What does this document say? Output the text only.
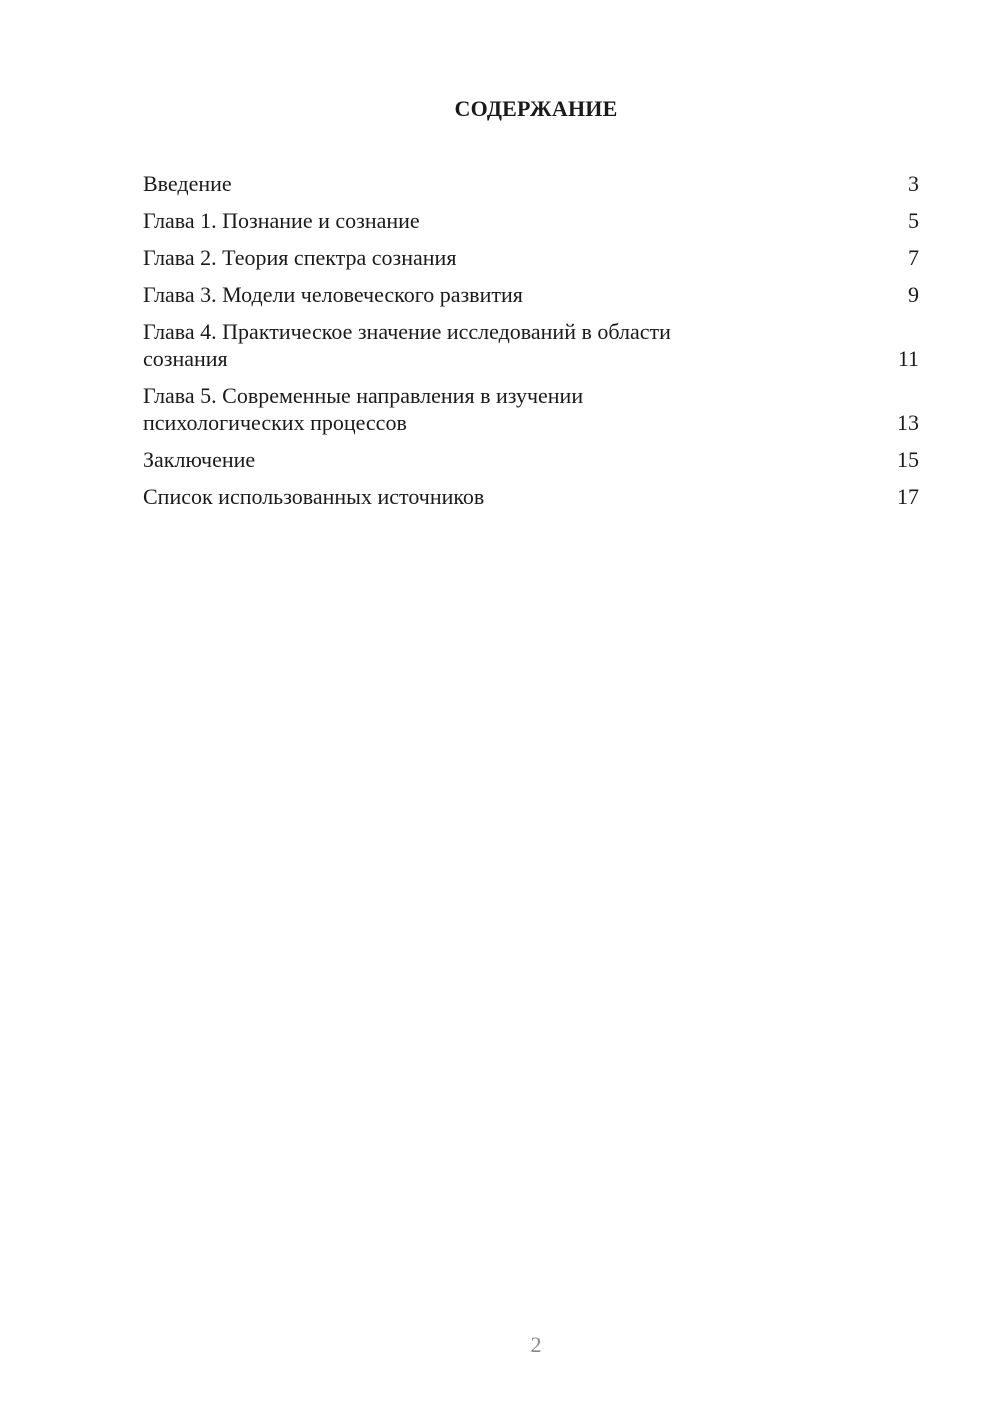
СОДЕРЖАНИЕ
Введение	3
Глава 1. Познание и сознание	5
Глава 2. Теория спектра сознания	7
Глава 3. Модели человеческого развития	9
Глава 4. Практическое значение исследований в области
сознания	11
Глава 5. Современные направления в изучении
психологических процессов	13
Заключение	15
Список использованных источников	17
2
